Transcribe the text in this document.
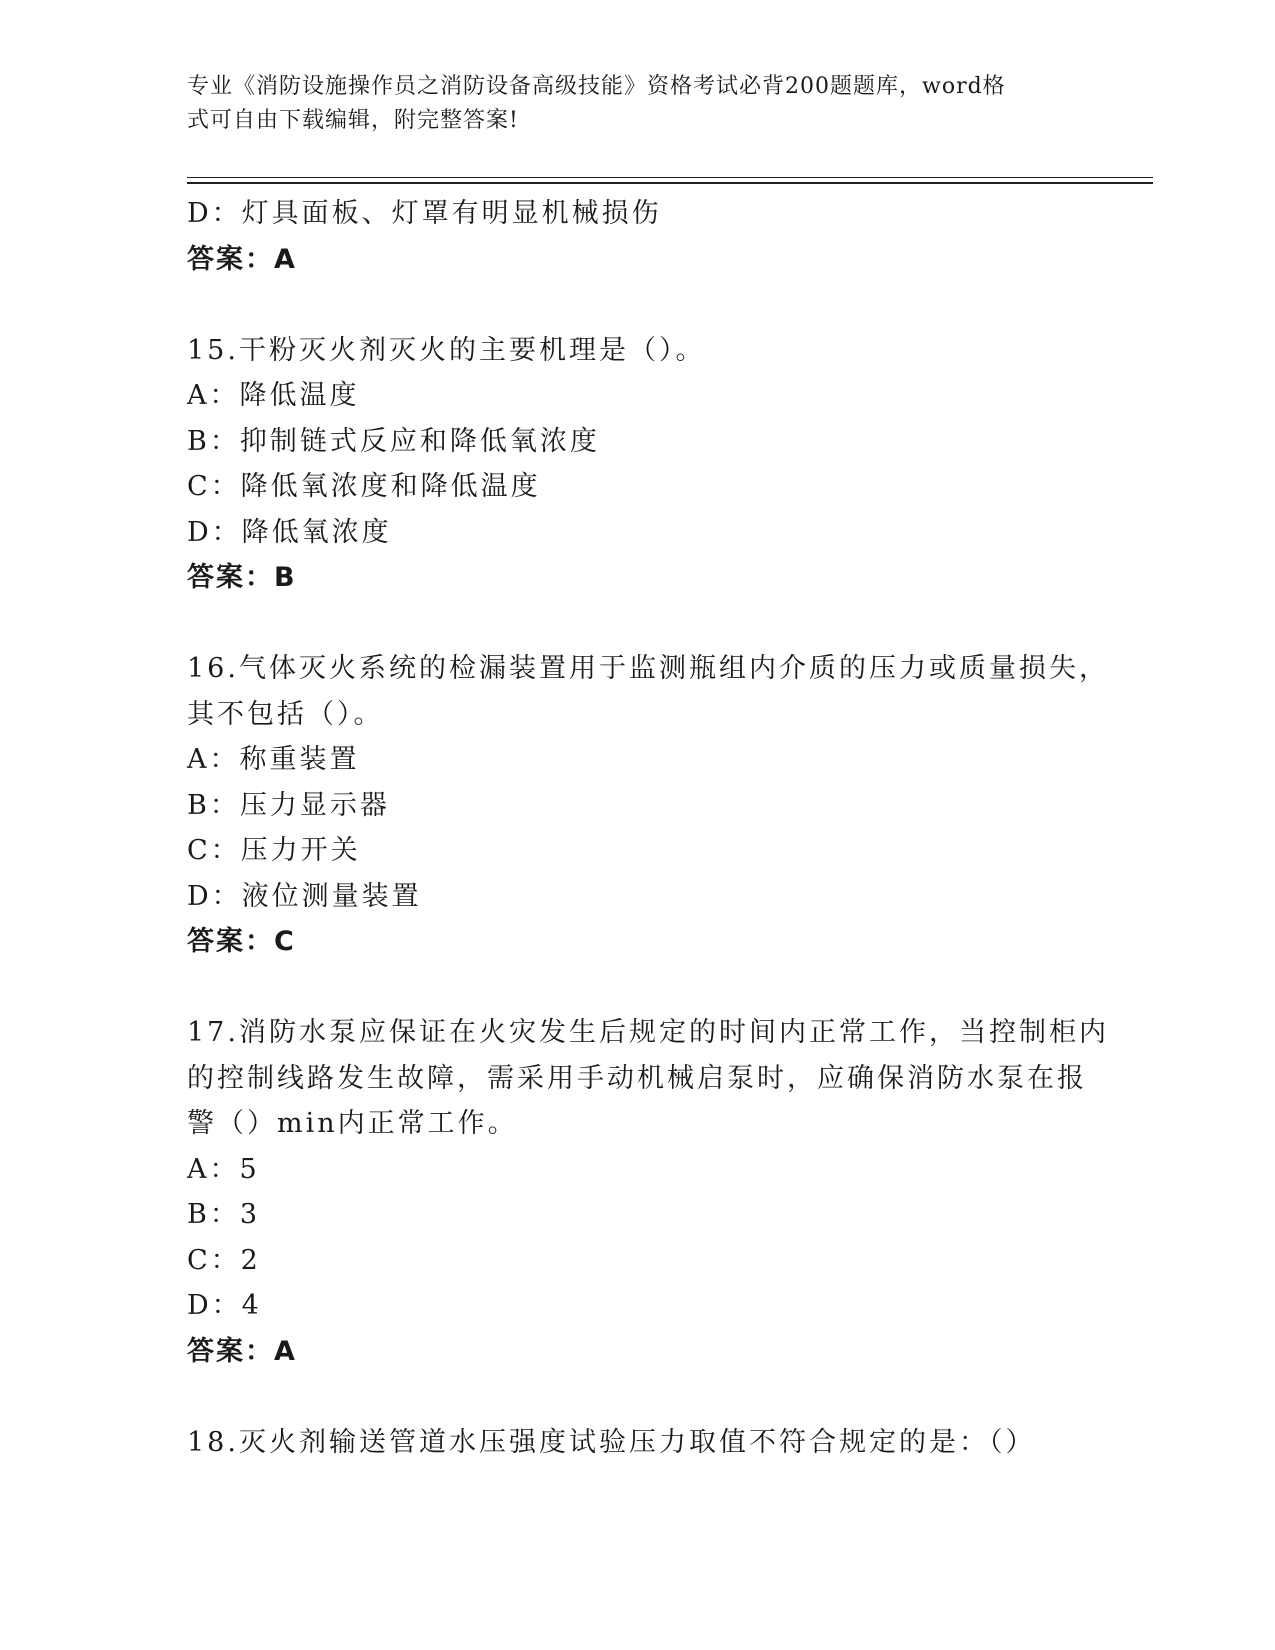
专业《消防设施操作员之消防设备高级技能》资格考试必背200题题库，word格
式可自由下载编辑，附完整答案!
D：灯具面板、灯罩有明显机械损伤
答案：A
15.干粉灭火剂灭火的主要机理是（）。
A：降低温度
B：抑制链式反应和降低氧浓度
C：降低氧浓度和降低温度
D：降低氧浓度
答案：B
16.气体灭火系统的检漏装置用于监测瓶组内介质的压力或质量损失，
其不包括（）。
A：称重装置
B：压力显示器
C：压力开关
D：液位测量装置
答案：C
17.消防水泵应保证在火灾发生后规定的时间内正常工作，当控制柜内
的控制线路发生故障，需采用手动机械启泵时，应确保消防水泵在报
警（）min内正常工作。
A：5
B：3
C：2
D：4
答案：A
18.灭火剂输送管道水压强度试验压力取值不符合规定的是：（）
